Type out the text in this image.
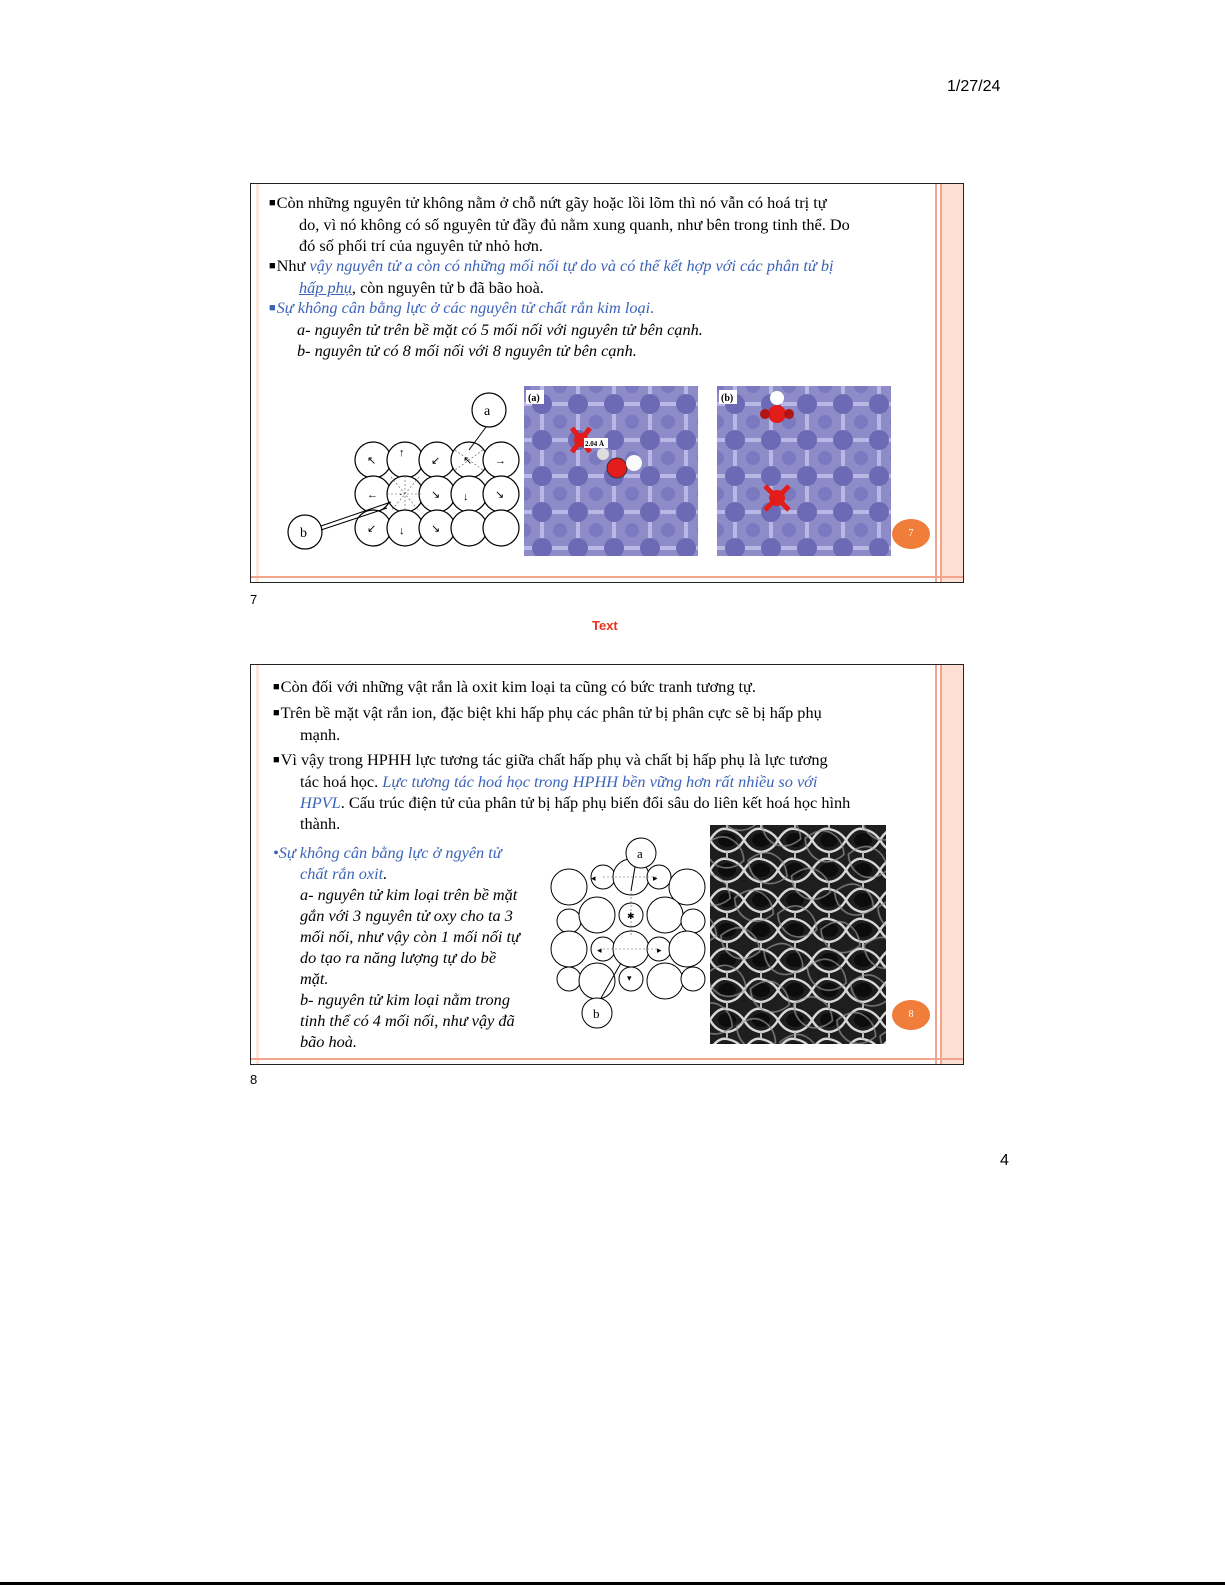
1/27/24
■Còn những nguyên tử không nằm ở chỗ nứt gãy hoặc lồi lõm thì nó vẫn có hoá trị tự
do, vì nó không có số nguyên tử đầy đủ nằm xung quanh, như bên trong tinh thể. Do
đó số phối trí của nguyên tử nhỏ hơn.
■Như vậy nguyên tử a còn có những mối nối tự do và có thể kết hợp với các phân tử bị
hấp phụ, còn nguyên tử b đã bão hoà.
■Sự không cân bằng lực ở các nguyên tử chất rắn kim loại.
a- nguyên tử trên bề mặt có 5 mối nối với nguyên tử bên cạnh.
b- nguyên tử có 8 mối nối với 8 nguyên tử bên cạnh.
↖
↑
↙ ↖ →
← ·	↘ ↓ ↘
↙ ↓ ↘
a
b
(a)
2.04 Å
(b)
7
7
Text
■Còn đối với những vật rắn là oxit kim loại ta cũng có bức tranh tương tự.
■Trên bề mặt vật rắn ion, đặc biệt khi hấp phụ các phân tử bị phân cực sẽ bị hấp phụ
mạnh.
■Vì vậy trong HPHH lực tương tác giữa chất hấp phụ và chất bị hấp phụ là lực tương
tác hoá học. Lực tương tác hoá học trong HPHH bền vững hơn rất nhiều so với
HPVL. Cấu trúc điện tử của phân tử bị hấp phụ biến đổi sâu do liên kết hoá học hình
thành.
•Sự không cân bằng lực ở ngyên tử
chất rắn oxit.
a- nguyên tử kim loại trên bề mặt
gắn với 3 nguyên tử oxy cho ta 3
mối nối, như vậy còn 1 mối nối tự
do tạo ra năng lượng tự do bề
mặt.
b- nguyên tử kim loại nằm trong
tinh thể có 4 mối nối, như vậy đã
bão hoà.
◂	▸
✱
◂	▸
▾
a
b	8
8
4
